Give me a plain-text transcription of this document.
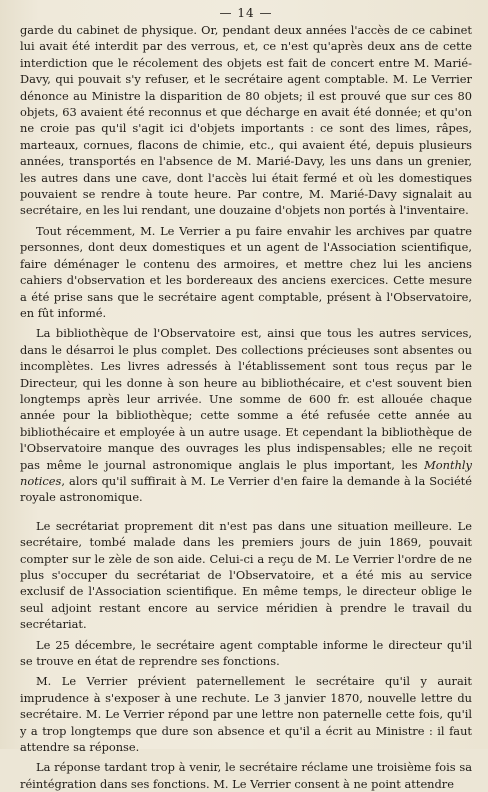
— 14 —

garde du cabinet de physique. Or, pendant deux années l'accès de ce cabinet lui avait été interdit par des verrous, et, ce n'est qu'après deux ans de cette interdiction que le récolement des objets est fait de concert entre M. Marié-Davy, qui pouvait s'y refuser, et le secrétaire agent comptable. M. Le Verrier dénonce au Ministre la disparition de 80 objets; il est prouvé que sur ces 80 objets, 63 avaient été reconnus et que décharge en avait été donnée; et qu'on ne croie pas qu'il s'agit ici d'objets importants : ce sont des limes, râpes, marteaux, cornues, flacons de chimie, etc., qui avaient été, depuis plusieurs années, transportés en l'absence de M. Marié-Davy, les uns dans un grenier, les autres dans une cave, dont l'accès lui était fermé et où les domestiques pouvaient se rendre à toute heure. Par contre, M. Marié-Davy signalait au secrétaire, en les lui rendant, une douzaine d'objets non portés à l'inventaire.

Tout récemment, M. Le Verrier a pu faire envahir les archives par quatre personnes, dont deux domestiques et un agent de l'Association scientifique, faire déménager le contenu des armoires, et mettre chez lui les anciens cahiers d'observation et les bordereaux des anciens exercices. Cette mesure a été prise sans que le secrétaire agent comptable, présent à l'Observatoire, en fût informé.

La bibliothèque de l'Observatoire est, ainsi que tous les autres services, dans le désarroi le plus complet. Des collections précieuses sont absentes ou incomplètes. Les livres adressés à l'établissement sont tous reçus par le Directeur, qui les donne à son heure au bibliothécaire, et c'est souvent bien longtemps après leur arrivée. Une somme de 600 fr. est allouée chaque année pour la bibliothèque; cette somme a été refusée cette année au bibliothécaire et employée à un autre usage. Et cependant la bibliothèque de l'Observatoire manque des ouvrages les plus indispensables; elle ne reçoit pas même le journal astronomique anglais le plus important, les Monthly notices, alors qu'il suffirait à M. Le Verrier d'en faire la demande à la Société royale astronomique.

Le secrétariat proprement dit n'est pas dans une situation meilleure. Le secrétaire, tombé malade dans les premiers jours de juin 1869, pouvait compter sur le zèle de son aide. Celui-ci a reçu de M. Le Verrier l'ordre de ne plus s'occuper du secrétariat de l'Observatoire, et a été mis au service exclusif de l'Association scientifique. En même temps, le directeur oblige le seul adjoint restant encore au service méridien à prendre le travail du secrétariat.

Le 25 décembre, le secrétaire agent comptable informe le directeur qu'il se trouve en état de reprendre ses fonctions.

M. Le Verrier prévient paternellement le secrétaire qu'il y aurait imprudence à s'exposer à une rechute. Le 3 janvier 1870, nouvelle lettre du secrétaire. M. Le Verrier répond par une lettre non paternelle cette fois, qu'il y a trop longtemps que dure son absence et qu'il a écrit au Ministre : il faut attendre sa réponse.

La réponse tardant trop à venir, le secrétaire réclame une troisième fois sa réintégration dans ses fonctions. M. Le Verrier consent à ne point attendre
